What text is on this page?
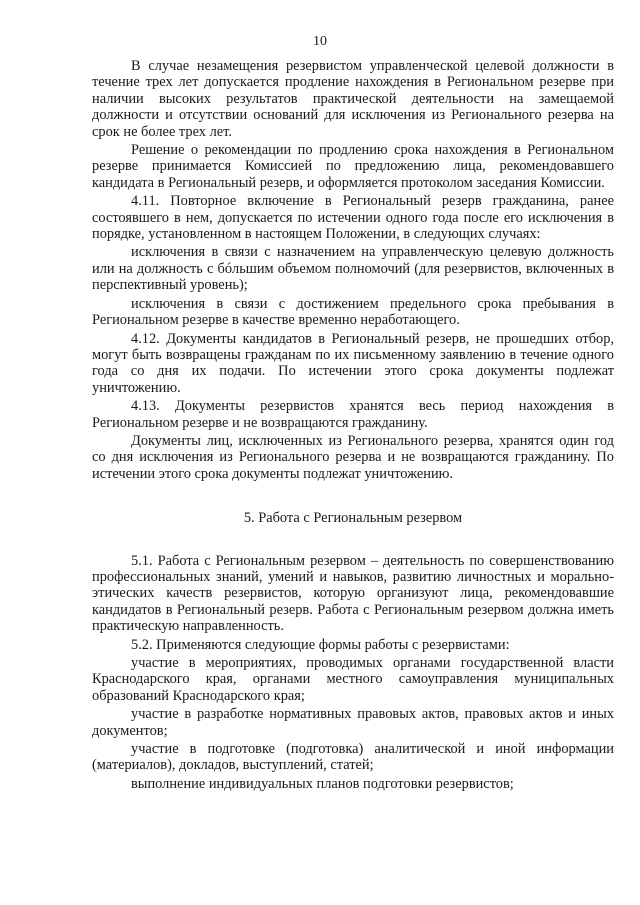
10

В случае незамещения резервистом управленческой целевой должности в течение трех лет допускается продление нахождения в Региональном резерве при наличии высоких результатов практической деятельности на замещаемой должности и отсутствии оснований для исключения из Регионального резерва на срок не более трех лет.

Решение о рекомендации по продлению срока нахождения в Региональном резерве принимается Комиссией по предложению лица, рекомендовавшего кандидата в Региональный резерв, и оформляется протоколом заседания Комиссии.

4.11. Повторное включение в Региональный резерв гражданина, ранее состоявшего в нем, допускается по истечении одного года после его исключения в порядке, установленном в настоящем Положении, в следующих случаях:

исключения в связи с назначением на управленческую целевую должность или на должность с бóльшим объемом полномочий (для резервистов, включенных в перспективный уровень);

исключения в связи с достижением предельного срока пребывания в Региональном резерве в качестве временно неработающего.

4.12. Документы кандидатов в Региональный резерв, не прошедших отбор, могут быть возвращены гражданам по их письменному заявлению в течение одного года со дня их подачи. По истечении этого срока документы подлежат уничтожению.

4.13. Документы резервистов хранятся весь период нахождения в Региональном резерве и не возвращаются гражданину.

Документы лиц, исключенных из Регионального резерва, хранятся один год со дня исключения из Регионального резерва и не возвращаются гражданину. По истечении этого срока документы подлежат уничтожению.

5. Работа с Региональным резервом

5.1. Работа с Региональным резервом – деятельность по совершенствованию профессиональных знаний, умений и навыков, развитию личностных и морально-этических качеств резервистов, которую организуют лица, рекомендовавшие кандидатов в Региональный резерв. Работа с Региональным резервом должна иметь практическую направленность.

5.2. Применяются следующие формы работы с резервистами:

участие в мероприятиях, проводимых органами государственной власти Краснодарского края, органами местного самоуправления муниципальных образований Краснодарского края;

участие в разработке нормативных правовых актов, правовых актов и иных документов;

участие в подготовке (подготовка) аналитической и иной информации (материалов), докладов, выступлений, статей;

выполнение индивидуальных планов подготовки резервистов;
